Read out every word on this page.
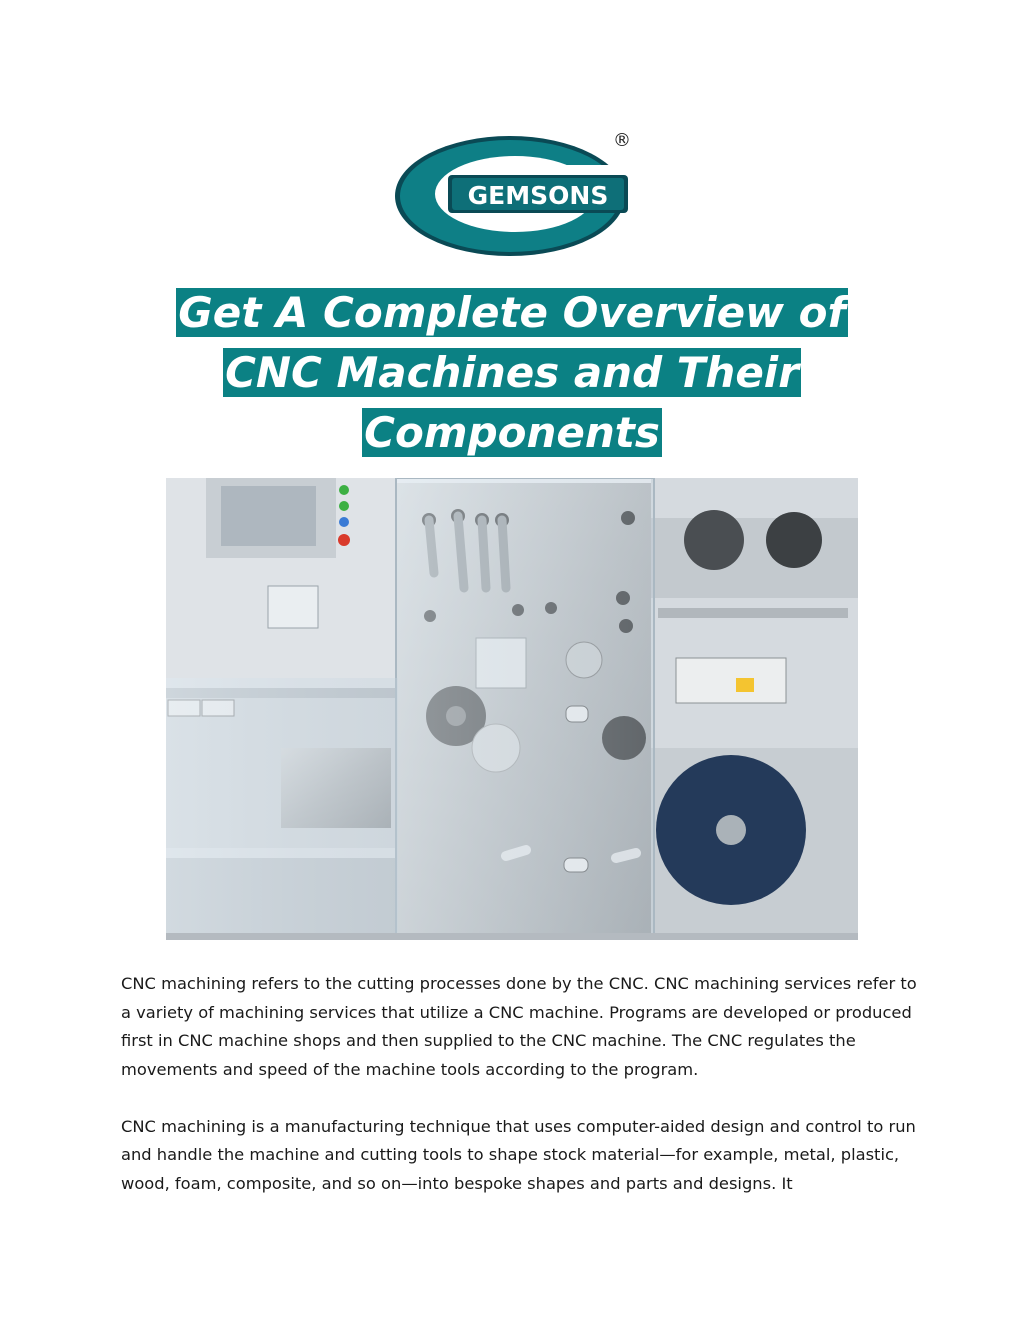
GEMSONS
®
Get A Complete Overview of
CNC Machines and Their
Components

CNC machining refers to the cutting processes done by the CNC. CNC machining services refer to a variety of machining services that utilize a CNC machine. Programs are developed or produced first in CNC machine shops and then supplied to the CNC machine. The CNC regulates the movements and speed of the machine tools according to the program.

CNC machining is a manufacturing technique that uses computer-aided design and control to run and handle the machine and cutting tools to shape stock material—for example, metal, plastic, wood, foam, composite, and so on—into bespoke shapes and parts and designs. It
